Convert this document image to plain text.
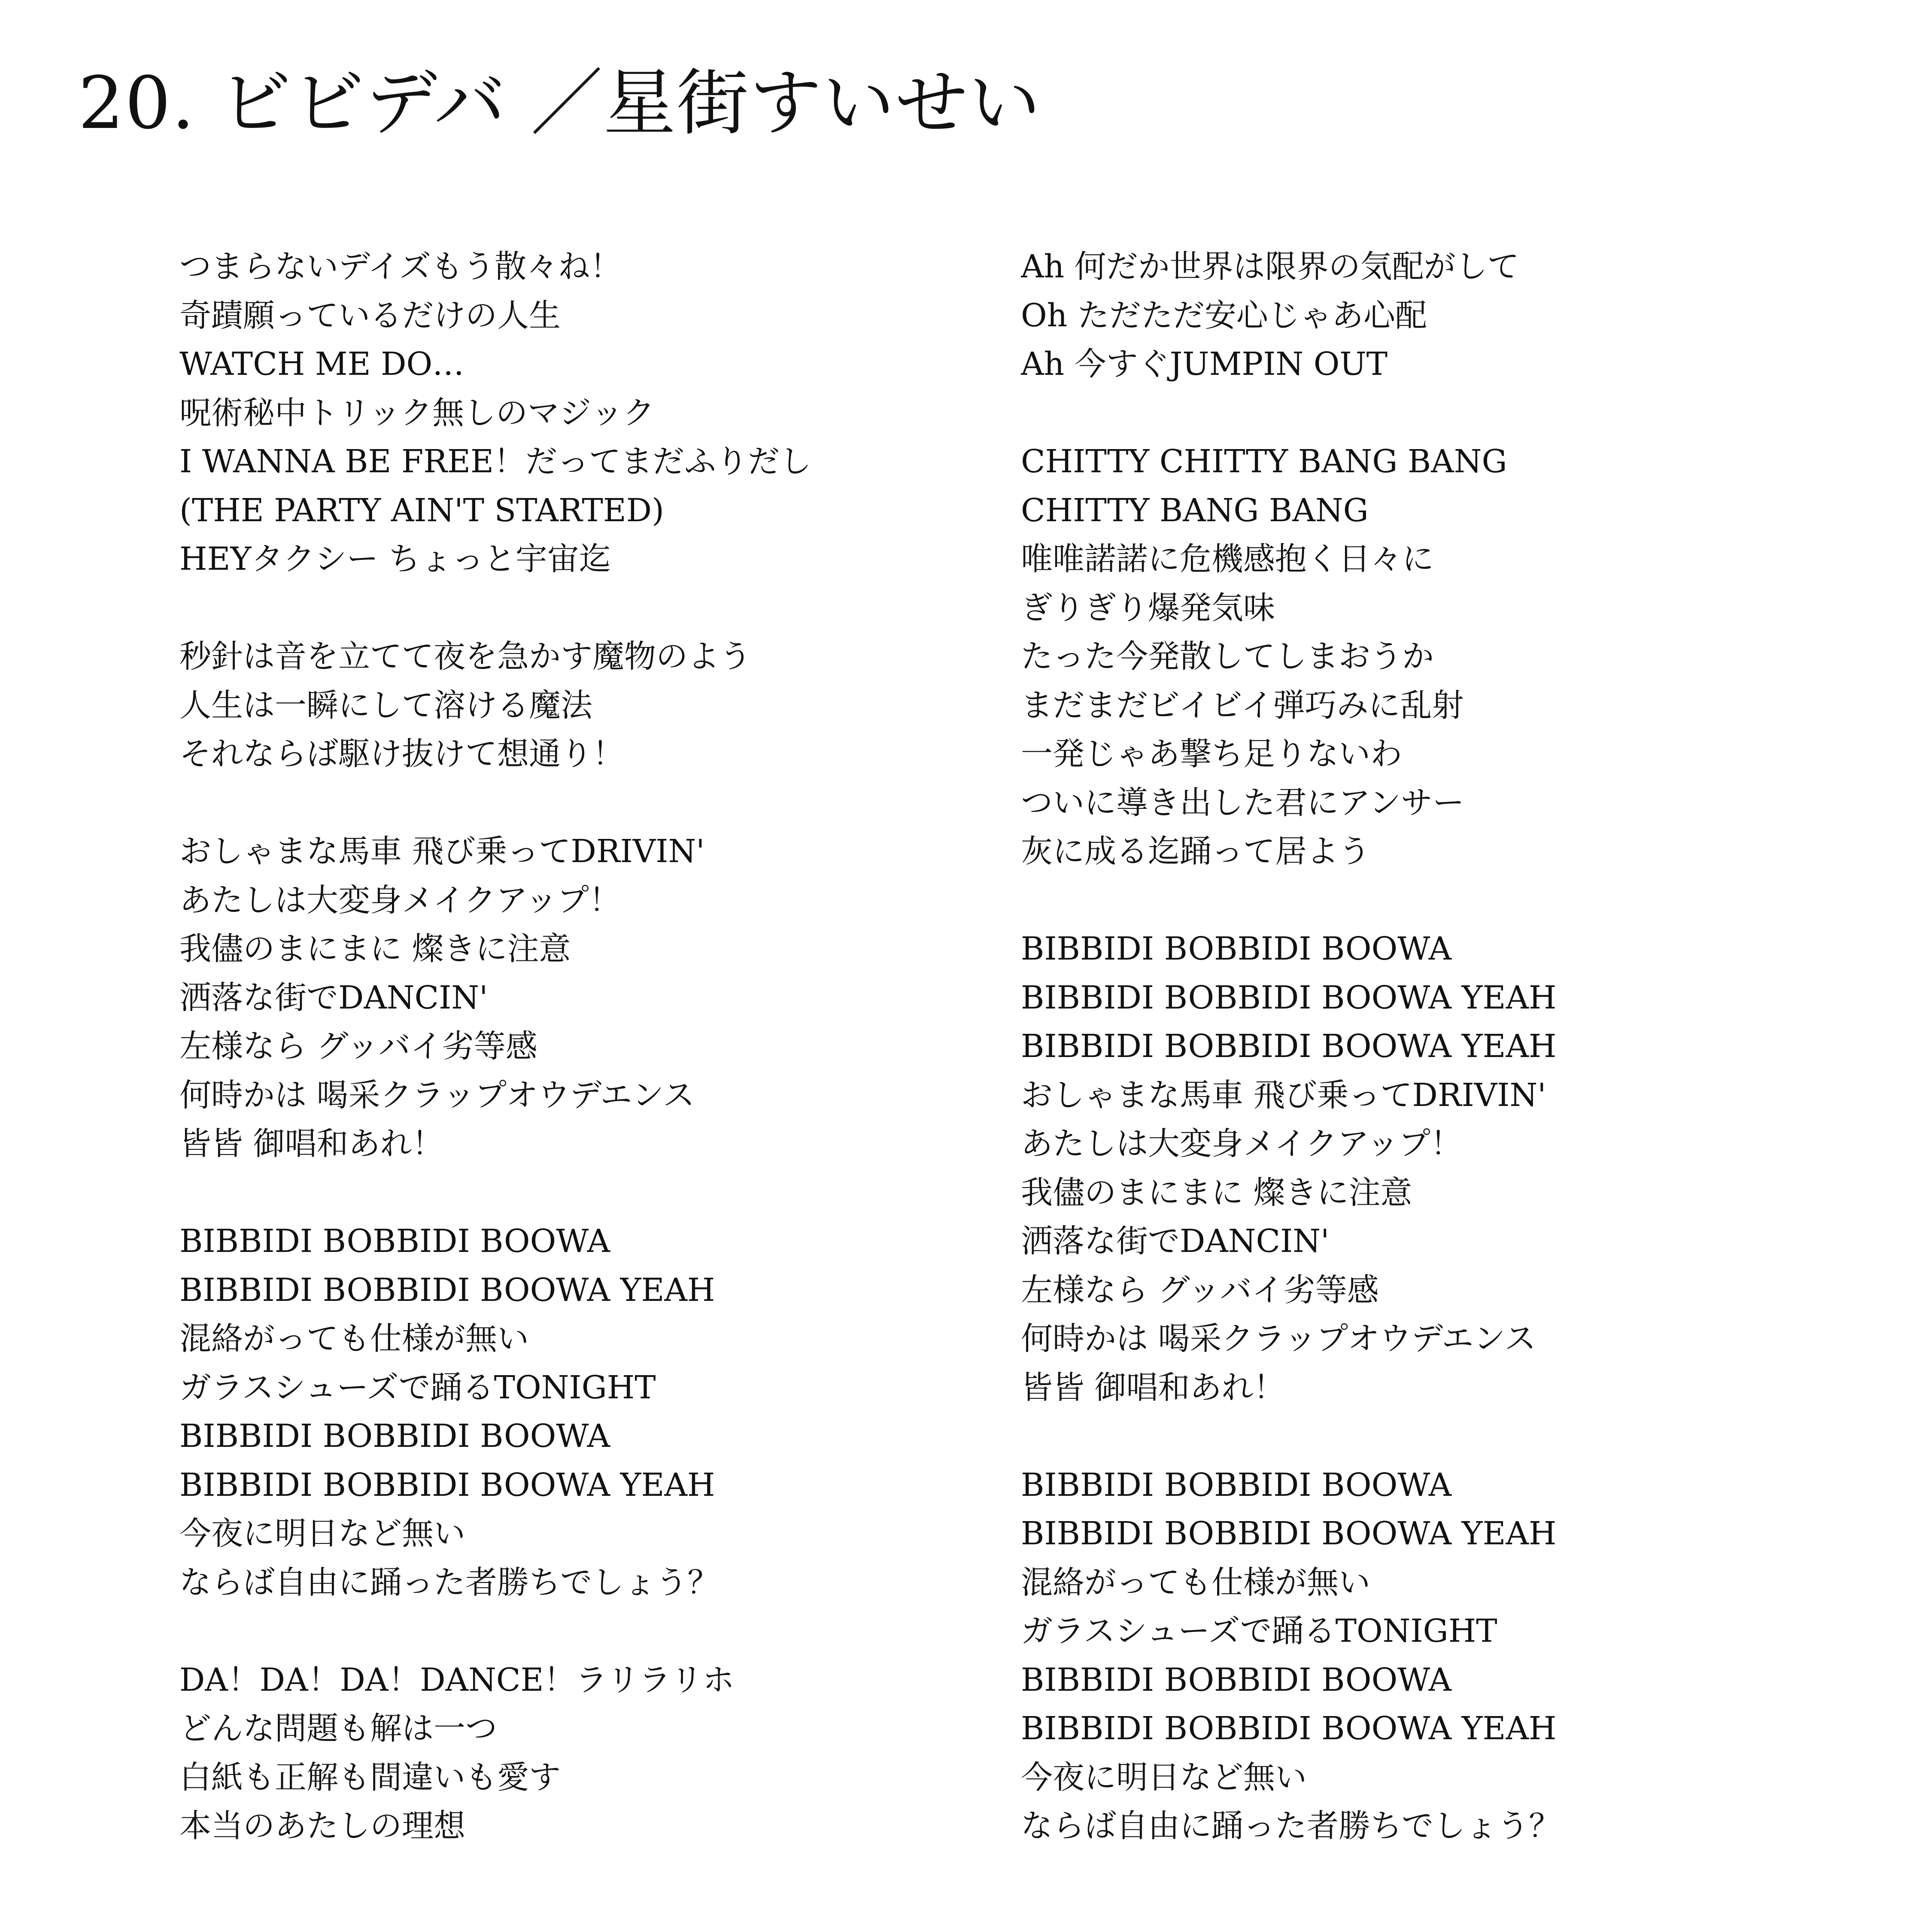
20. ビビデバ ／星街すいせい
つまらないデイズもう散々ね！
奇蹟願っているだけの人生
WATCH ME DO…
呪術秘中トリック無しのマジック
I WANNA BE FREE！だってまだふりだし
(THE PARTY AIN'T STARTED)
HEYタクシー ちょっと宇宙迄
秒針は音を立てて夜を急かす魔物のよう
人生は一瞬にして溶ける魔法
それならば駆け抜けて想通り！
おしゃまな馬車 飛び乗ってDRIVIN'
あたしは大変身メイクアップ！
我儘のまにまに 燦きに注意
洒落な街でDANCIN'
左様なら グッバイ劣等感
何時かは 喝采クラップオウデエンス
皆皆 御唱和あれ！
BIBBIDI BOBBIDI BOOWA
BIBBIDI BOBBIDI BOOWA YEAH
混絡がっても仕様が無い
ガラスシューズで踊るTONIGHT
BIBBIDI BOBBIDI BOOWA
BIBBIDI BOBBIDI BOOWA YEAH
今夜に明日など無い
ならば自由に踊った者勝ちでしょう？
DA！DA！DA！DANCE！ラリラリホ
どんな問題も解は一つ
白紙も正解も間違いも愛す
本当のあたしの理想
Ah 何だか世界は限界の気配がして
Oh ただただ安心じゃあ心配
Ah 今すぐJUMPIN OUT
CHITTY CHITTY BANG BANG
CHITTY BANG BANG
唯唯諾諾に危機感抱く日々に
ぎりぎり爆発気味
たった今発散してしまおうか
まだまだビイビイ弾巧みに乱射
一発じゃあ撃ち足りないわ
ついに導き出した君にアンサー
灰に成る迄踊って居よう
BIBBIDI BOBBIDI BOOWA
BIBBIDI BOBBIDI BOOWA YEAH
BIBBIDI BOBBIDI BOOWA YEAH
おしゃまな馬車 飛び乗ってDRIVIN'
あたしは大変身メイクアップ！
我儘のまにまに 燦きに注意
洒落な街でDANCIN'
左様なら グッバイ劣等感
何時かは 喝采クラップオウデエンス
皆皆 御唱和あれ！
BIBBIDI BOBBIDI BOOWA
BIBBIDI BOBBIDI BOOWA YEAH
混絡がっても仕様が無い
ガラスシューズで踊るTONIGHT
BIBBIDI BOBBIDI BOOWA
BIBBIDI BOBBIDI BOOWA YEAH
今夜に明日など無い
ならば自由に踊った者勝ちでしょう？
